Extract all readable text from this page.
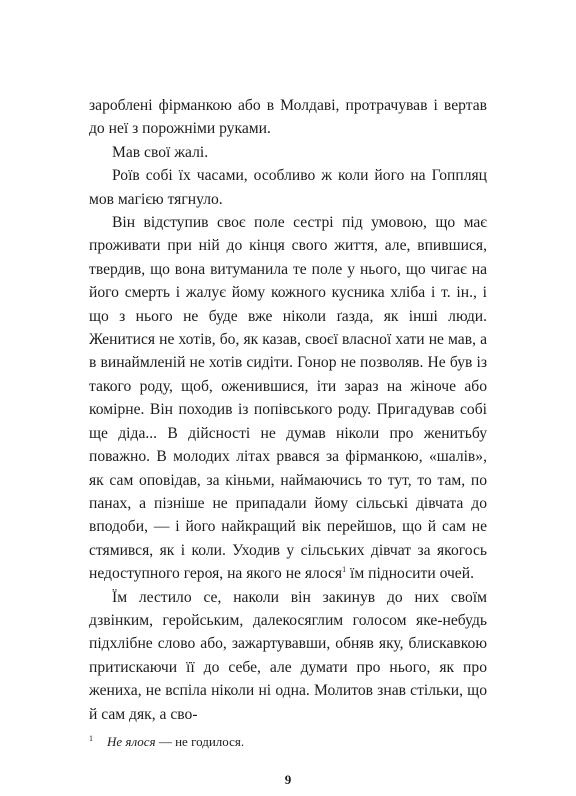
заробленi фiрманкою або в Молдавi, протрачував i вертав до неї з порожнiми руками.

Мав свої жалi.

Роїв собi їх часами, особливо ж коли його на Гоппляц мов магiєю тягнуло.

Вiн вiдступив своє поле сестрi пiд умовою, що має проживати при нiй до кiнця свого життя, але, впившися, твердив, що вона витуманила те поле у нього, що чигає на його смерть i жалує йому кожного кусника хлiба i т. iн., i що з нього не буде вже нiколи ґазда, як iншi люди. Женитися не хотiв, бо, як казав, своєї власної хати не мав, а в винаймленiй не хотiв сидiти. Гонор не позволяв. Не був iз такого роду, щоб, оженившися, iти зараз на жiноче або комiрне. Вiн походив iз попiвського роду. Пригадував собi ще дiда... В дiйсностi не думав нiколи про женитьбу поважно. В молодих лiтах рвався за фiрманкою, «шалiв», як сам оповiдав, за кiньми, наймаючись то тут, то там, по панах, а пiзнiше не припадали йому сiльськi дiвчата до вподоби, — i його найкращий вiк перейшов, що й сам не стямився, як i коли. Уходив у сiльських дiвчат за якогось недоступного героя, на якого не ялося$^1$ їм пiдносити очей.

Їм лестило се, наколи вiн закинув до них своїм дзвiнким, геройським, далекосяглим голосом яке-небудь пiдхлiбне слово або, зажартувавши, обняв яку, блискавкою притискаючи її до себе, але думати про нього, як про жениха, не вспiла нiколи нi одна. Молитов знав стiльки, що й сам дяк, а сво-

$^1$ Не ялося — не годилося.
9
